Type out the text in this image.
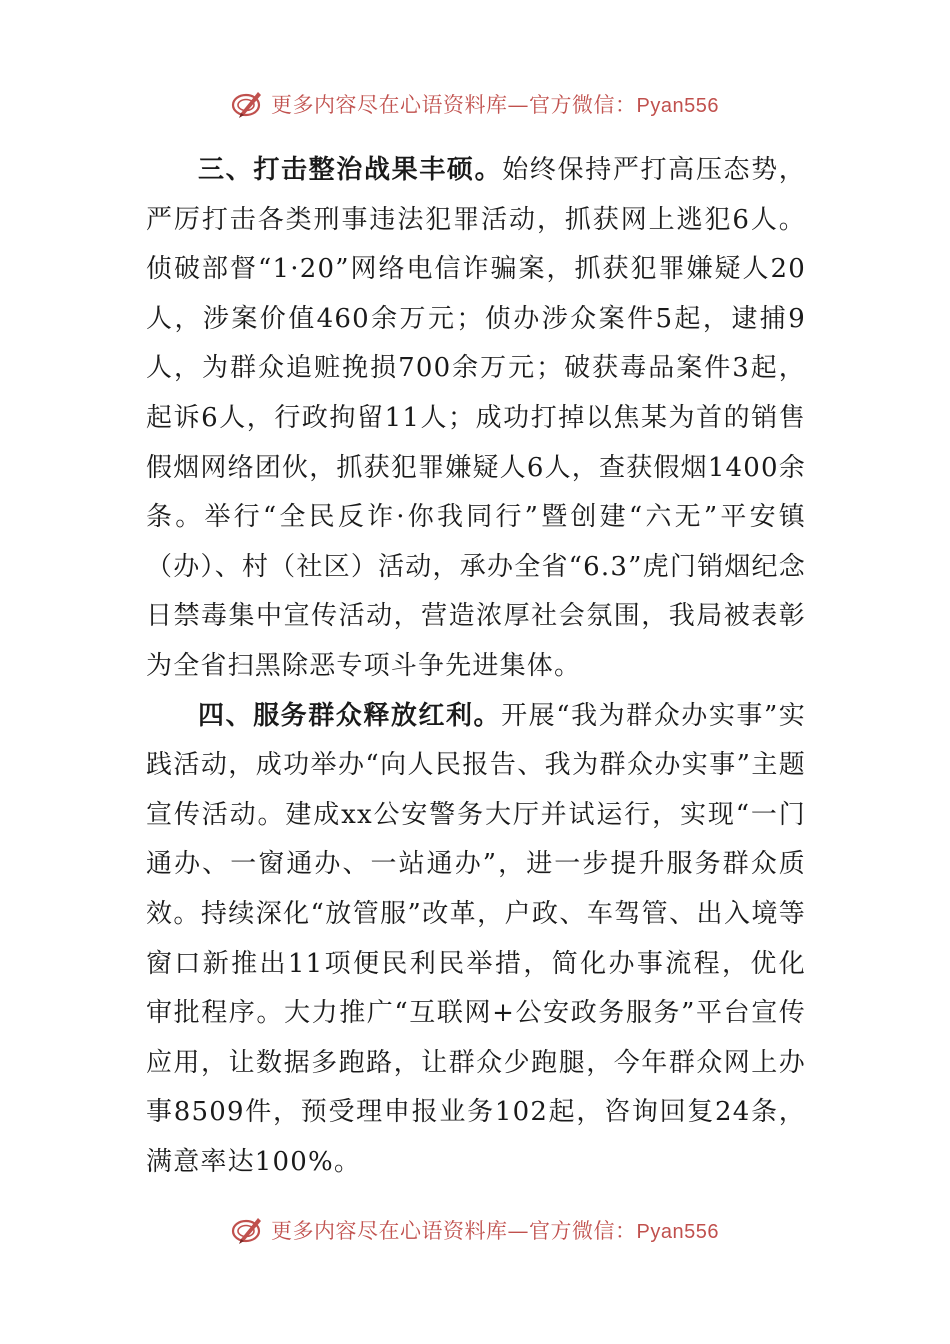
更多内容尽在心语资料库—官方微信：Pyan556

三、打击整治战果丰硕。始终保持严打高压态势，严厉打击各类刑事违法犯罪活动，抓获网上逃犯6人。侦破部督“1·20”网络电信诈骗案，抓获犯罪嫌疑人20人，涉案价值460余万元；侦办涉众案件5起，逮捕9人，为群众追赃挽损700余万元；破获毒品案件3起，起诉6人，行政拘留11人；成功打掉以焦某为首的销售假烟网络团伙，抓获犯罪嫌疑人6人，查获假烟1400余条。举行“全民反诈·你我同行”暨创建“六无”平安镇（办）、村（社区）活动，承办全省“6.3”虎门销烟纪念日禁毒集中宣传活动，营造浓厚社会氛围，我局被表彰为全省扫黑除恶专项斗争先进集体。

四、服务群众释放红利。开展“我为群众办实事”实践活动，成功举办“向人民报告、我为群众办实事”主题宣传活动。建成xx公安警务大厅并试运行，实现“一门通办、一窗通办、一站通办”，进一步提升服务群众质效。持续深化“放管服”改革，户政、车驾管、出入境等窗口新推出11项便民利民举措，简化办事流程，优化审批程序。大力推广“互联网+公安政务服务”平台宣传应用，让数据多跑路，让群众少跑腿，今年群众网上办事8509件，预受理申报业务102起，咨询回复24条，满意率达100%。

更多内容尽在心语资料库—官方微信：Pyan556
